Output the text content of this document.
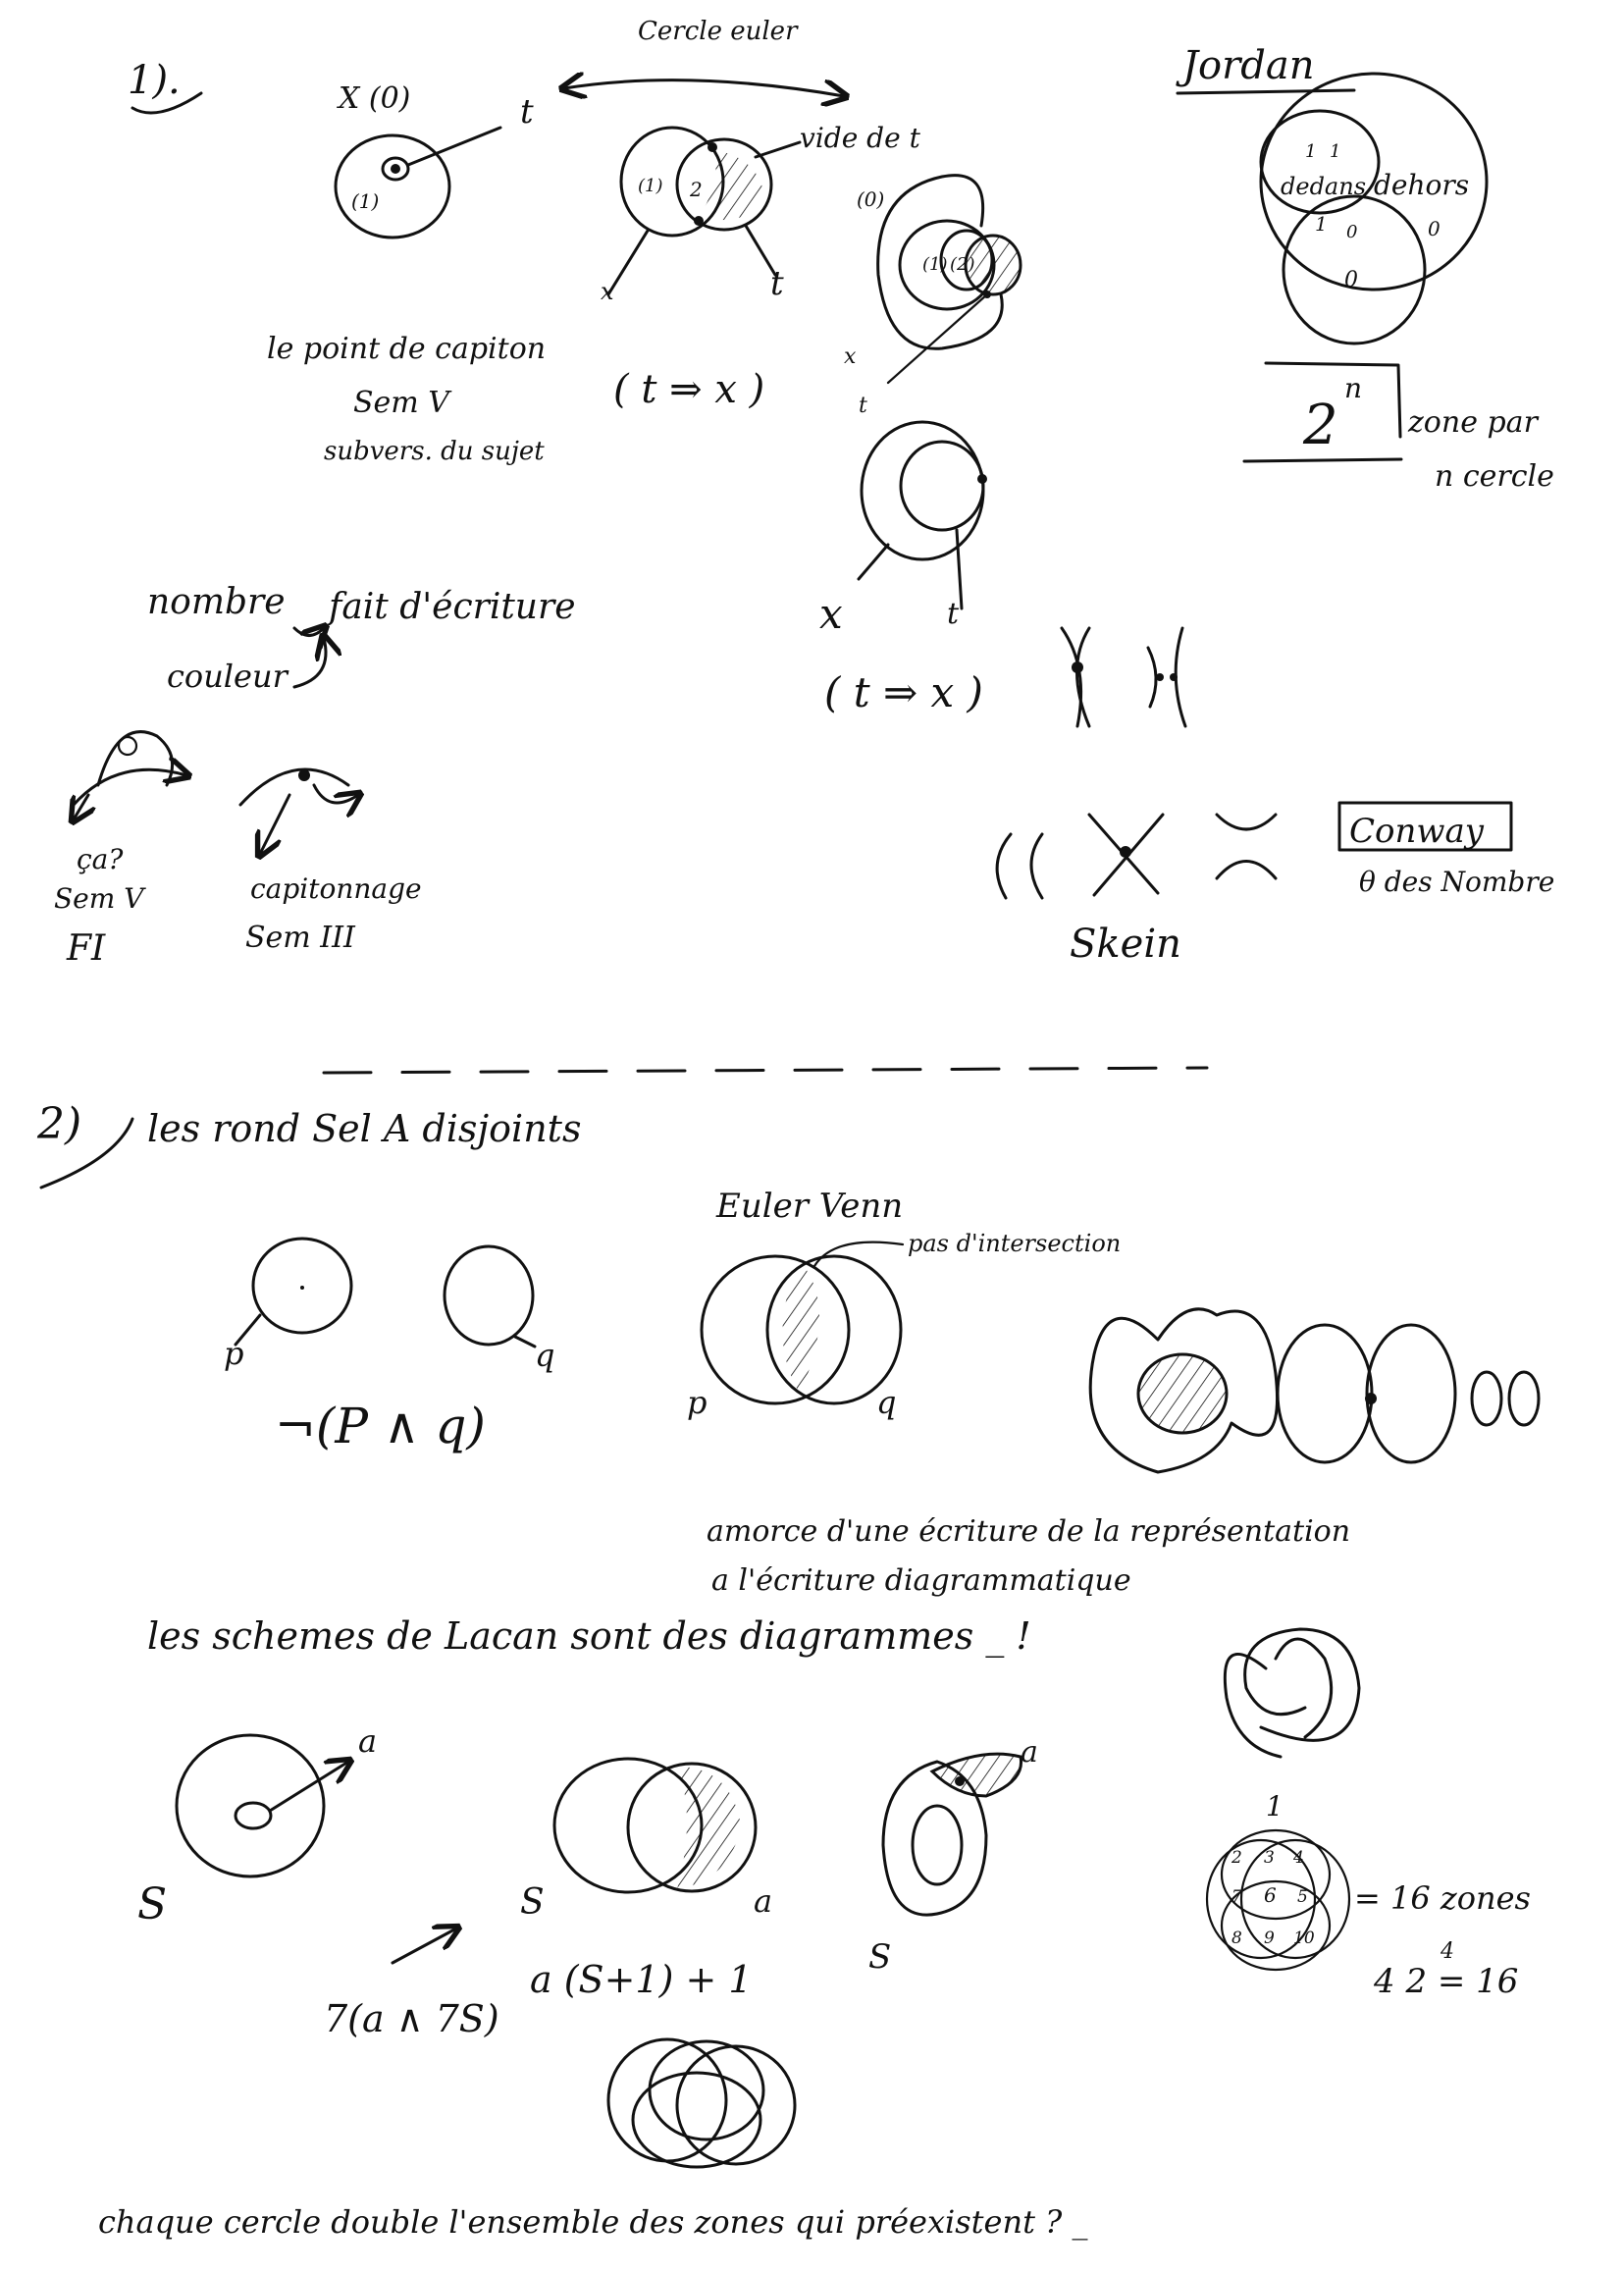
1).
Cercle euler
X (0)
(1)
t
(1) 2
vide de t
x	t
(0)
(1) (2)
x
t
le point de capiton
Sem V
subvers. du sujet
( t ⇒ x )
x	t
( t ⇒ x )
nombre fait d'écriture
couleur
ça?
Sem V
FI
capitonnage
Sem III	Skein
Conway
θ des Nombre
Jordan
dedans dehors
1 1
1 0	0
0
2
n
zone par
n cercle
2) les rond Sel A disjoints
p	q
¬(P ∧ q)
Euler Venn
pas d'intersection
p	q
amorce d'une écriture de la représentation
a l'écriture diagrammatique
les schemes de Lacan sont des diagrammes _ !
a
S	S	a
a (S+1) + 1
7(a ∧ 7S)
a
S
1
2 3 4
7 6 5
8 9 10
= 16 zones
4 2 = 16
4
chaque cercle double l'ensemble des zones qui préexistent ? _
